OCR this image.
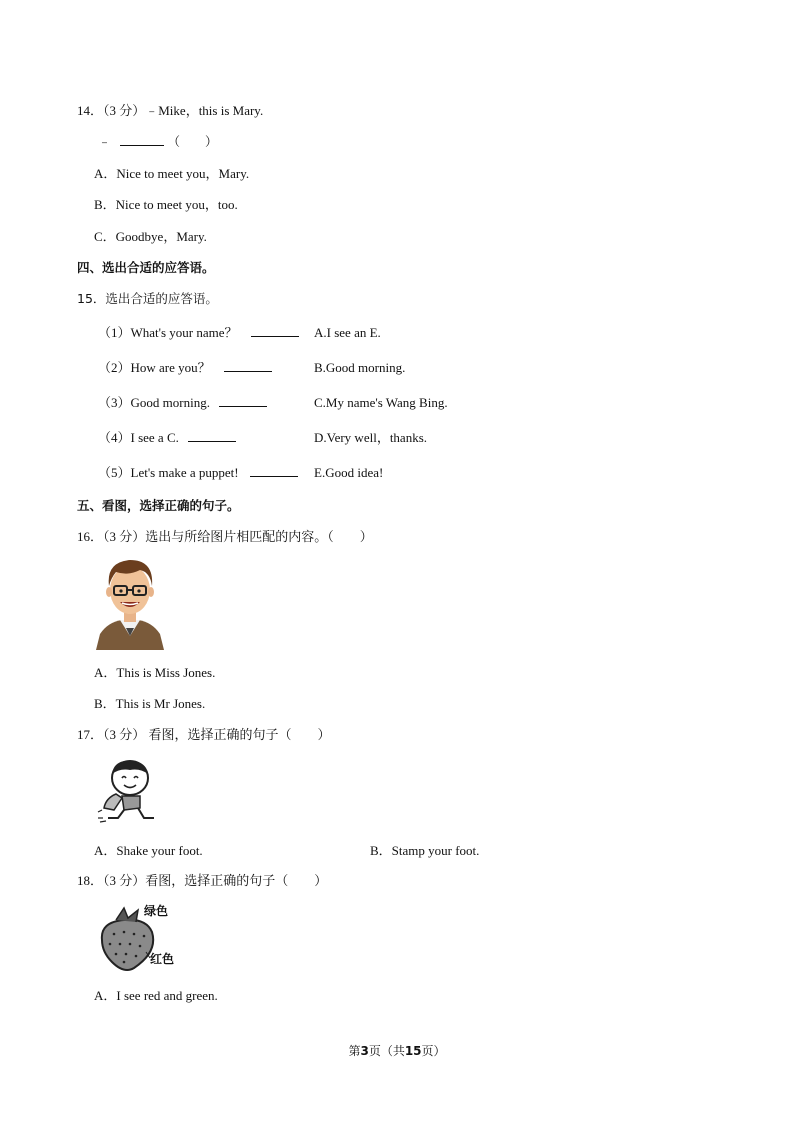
14．（3 分）﹣Mike，this is Mary.
﹣	（　　）
A．Nice to meet you，Mary.
B．Nice to meet you，too.
C．Goodbye，Mary.
四、选出合适的应答语。
15．选出合适的应答语。
（1）What's your name？
（2）How are you？
（3）Good morning.
（4）I see a C.
（5）Let's make a puppet!
A.I see an E.
B.Good morning.
C.My name's Wang Bing.
D.Very well，thanks.
E.Good idea!
五、看图，选择正确的句子。
16．（3 分）选出与所给图片相匹配的内容。（　　）
A．This is Miss Jones.
B．This is Mr Jones.
17．（3 分） 看图，选择正确的句子（　　）
A．Shake your foot.	B．Stamp your foot.
18．（3 分）看图，选择正确的句子（　　）
绿色
红色
A．I see red and green.
第3页（共15页）
